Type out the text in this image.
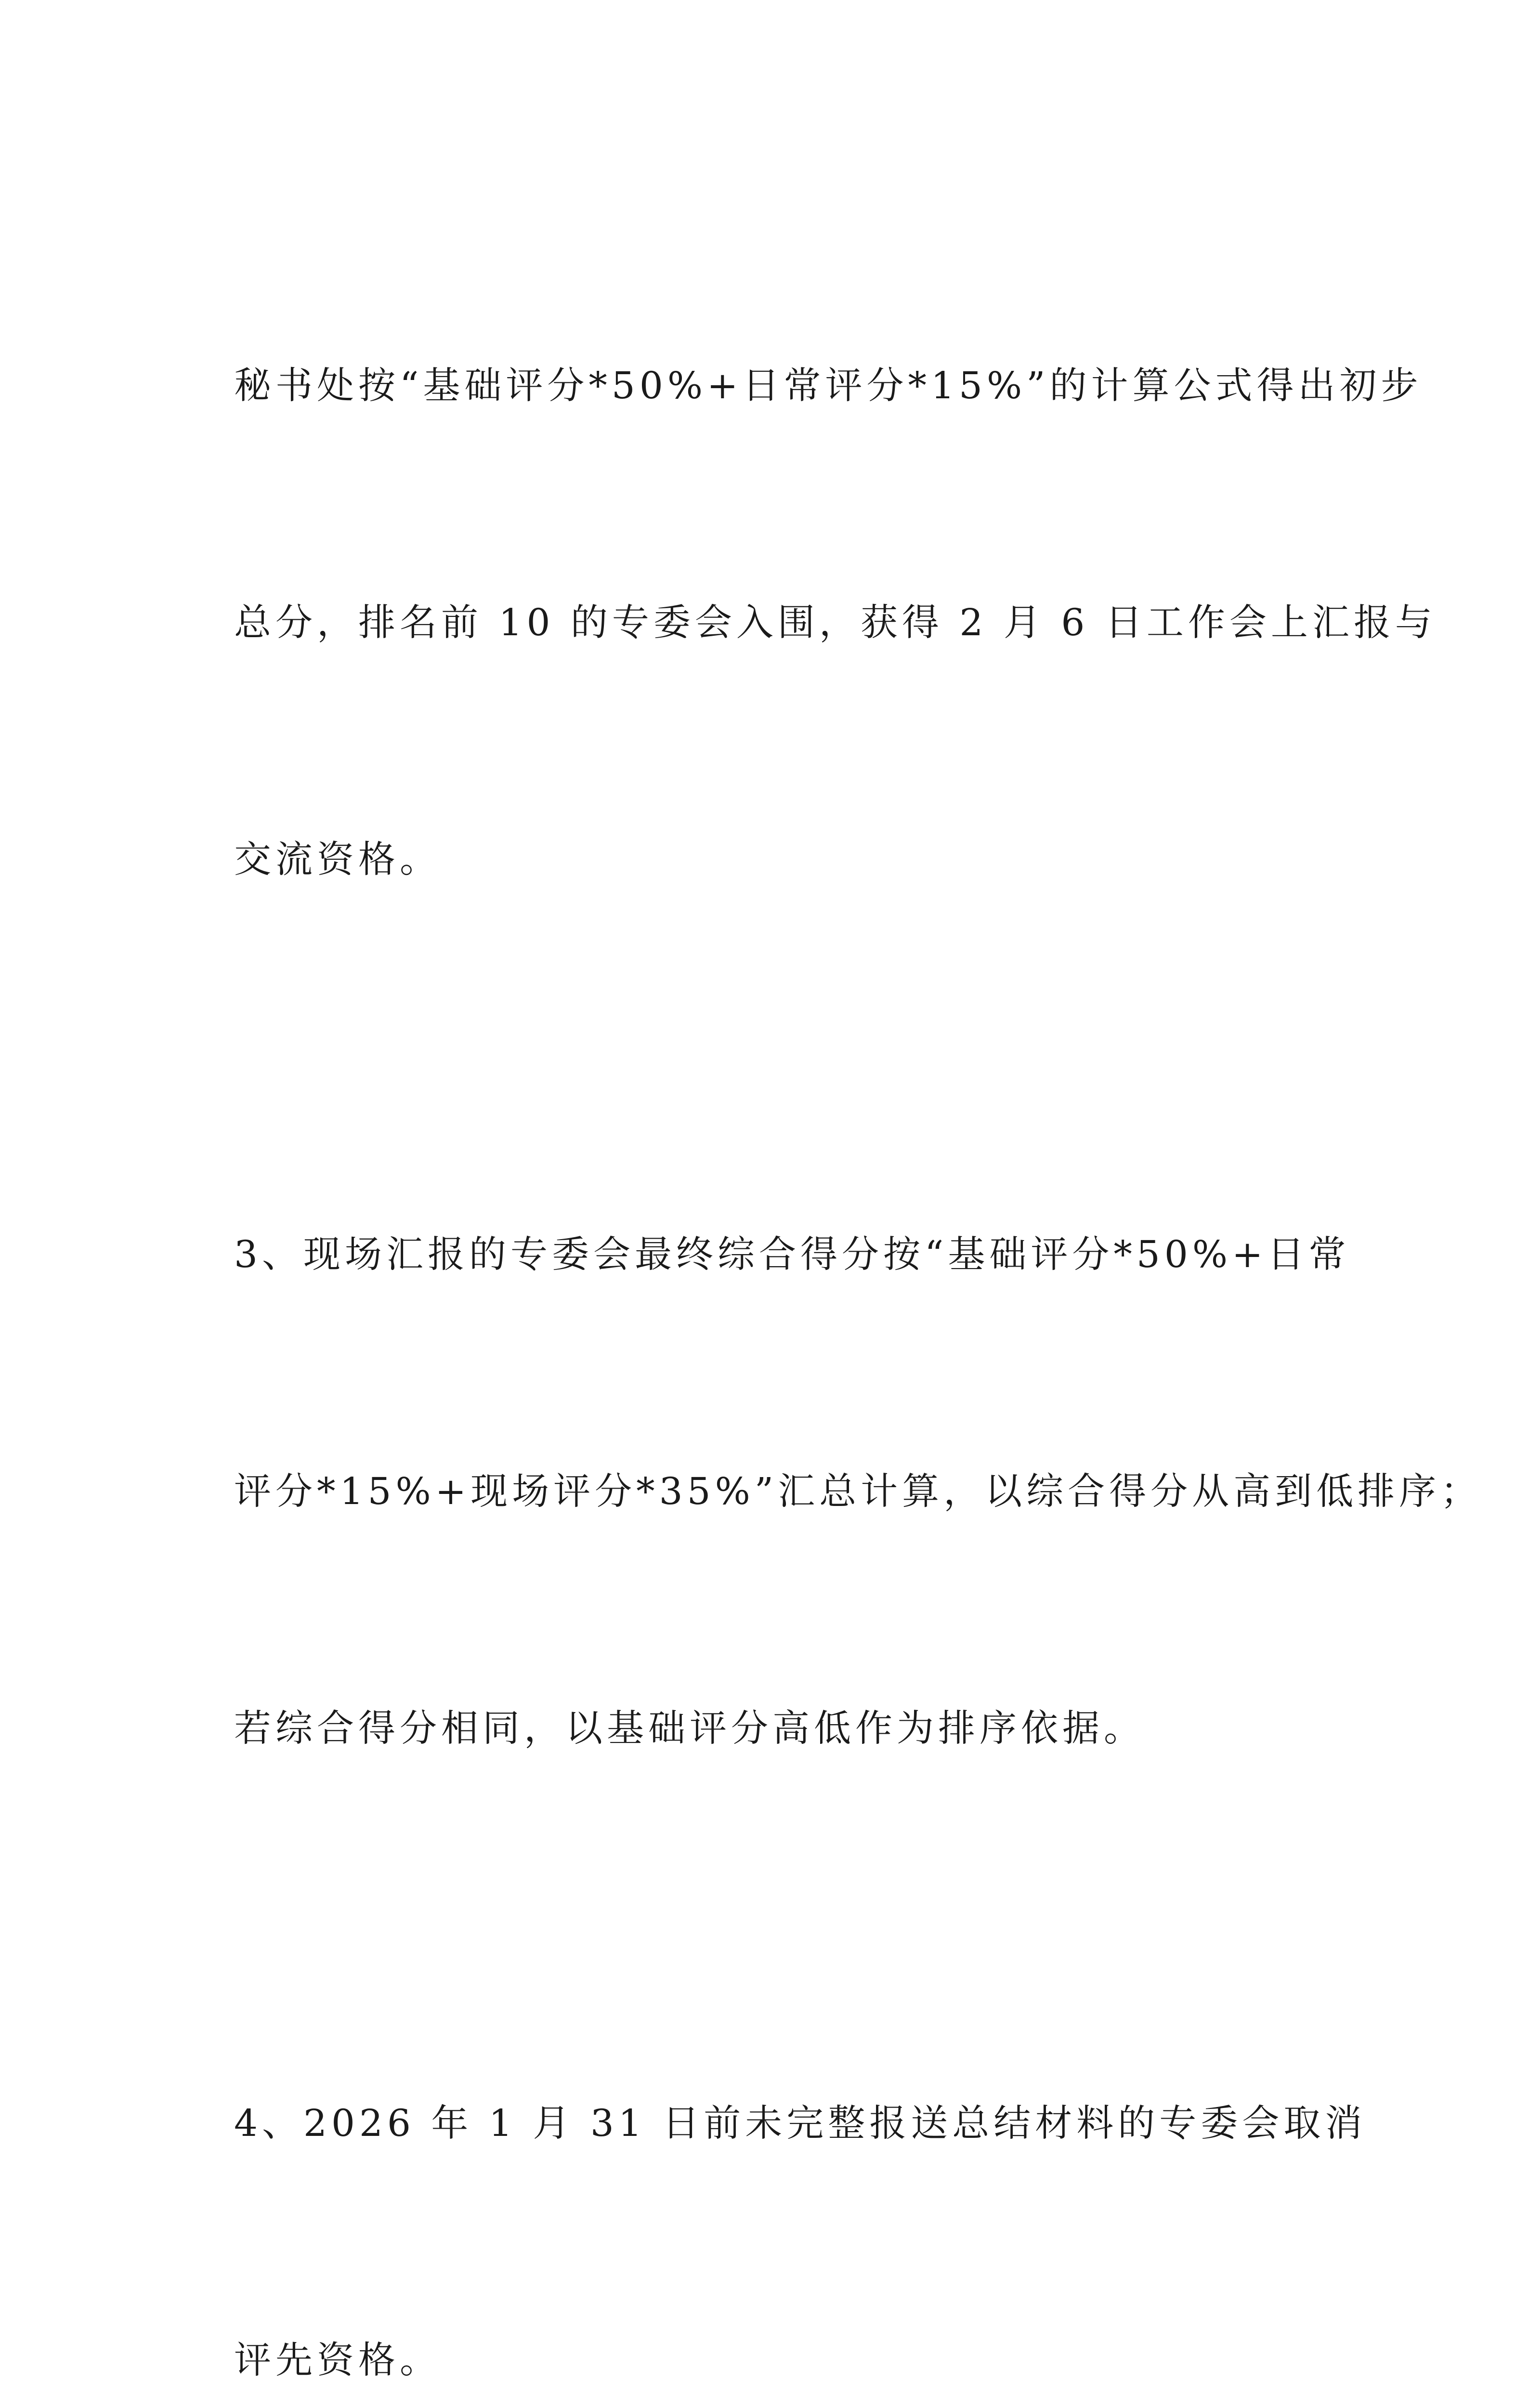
秘书处按“基础评分*50%+日常评分*15%”的计算公式得出初步

总分，排名前 10 的专委会入围，获得 2 月 6 日工作会上汇报与

交流资格。

3、现场汇报的专委会最终综合得分按“基础评分*50%+日常

评分*15%+现场评分*35%”汇总计算，以综合得分从高到低排序；

若综合得分相同，以基础评分高低作为排序依据。

4、2026 年 1 月 31 日前未完整报送总结材料的专委会取消

评先资格。
